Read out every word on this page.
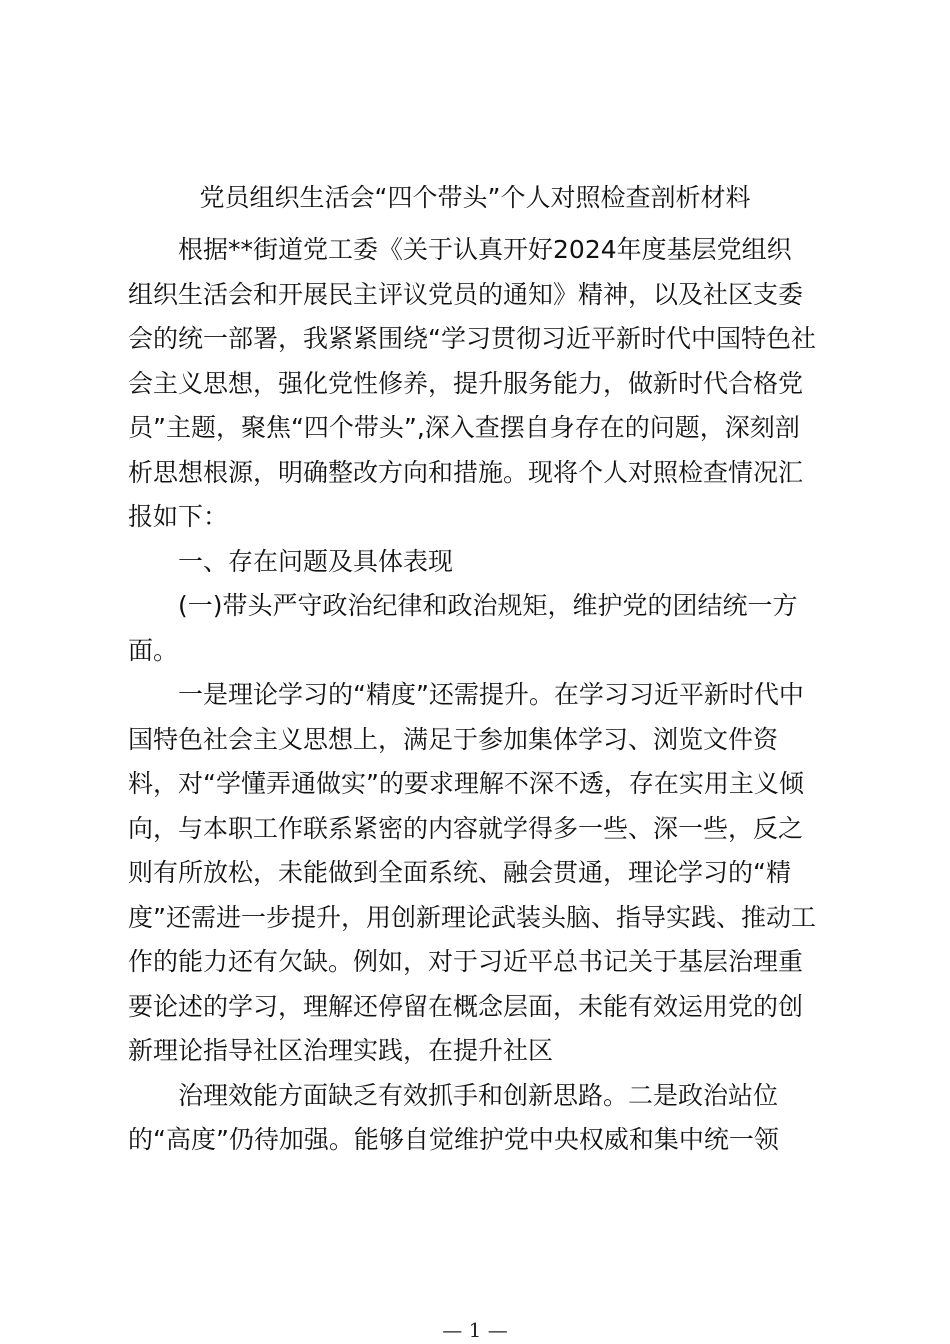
党员组织生活会“四个带头”个人对照检查剖析材料
根据**街道党工委《关于认真开好2024年度基层党组织
组织生活会和开展民主评议党员的通知》精神，以及社区支委
会的统一部署，我紧紧围绕“学习贯彻习近平新时代中国特色社
会主义思想，强化党性修养，提升服务能力，做新时代合格党
员”主题，聚焦“四个带头”,深入查摆自身存在的问题，深刻剖
析思想根源，明确整改方向和措施。现将个人对照检查情况汇
报如下：
一、存在问题及具体表现
(一)带头严守政治纪律和政治规矩，维护党的团结统一方
面。
一是理论学习的“精度”还需提升。在学习习近平新时代中
国特色社会主义思想上，满足于参加集体学习、浏览文件资
料，对“学懂弄通做实”的要求理解不深不透，存在实用主义倾
向，与本职工作联系紧密的内容就学得多一些、深一些，反之
则有所放松，未能做到全面系统、融会贯通，理论学习的“精
度”还需进一步提升，用创新理论武装头脑、指导实践、推动工
作的能力还有欠缺。例如，对于习近平总书记关于基层治理重
要论述的学习，理解还停留在概念层面，未能有效运用党的创
新理论指导社区治理实践，在提升社区
治理效能方面缺乏有效抓手和创新思路。二是政治站位
的“高度”仍待加强。能够自觉维护党中央权威和集中统一领
— 1 —
